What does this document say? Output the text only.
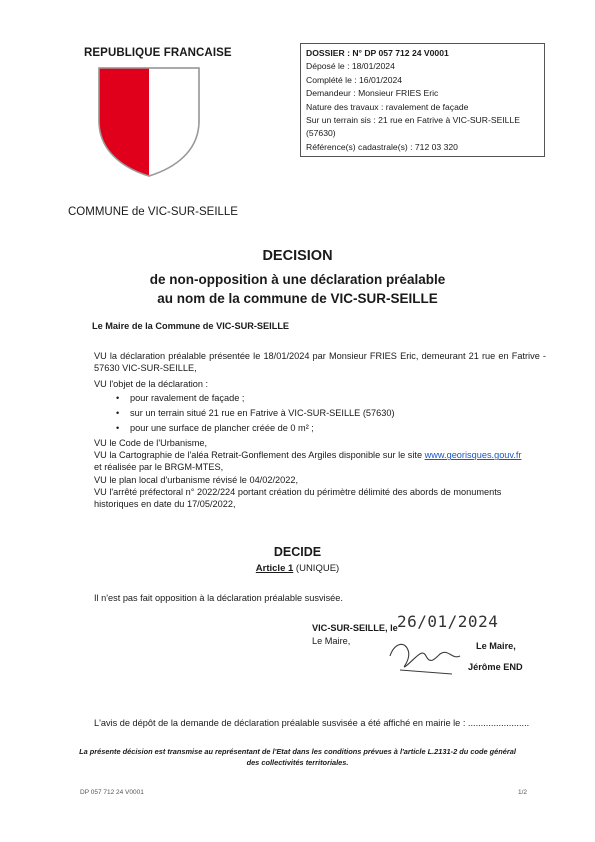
REPUBLIQUE FRANCAISE
COMMUNE de VIC-SUR-SEILLE
DOSSIER : N° DP 057 712 24 V0001
Déposé le : 18/01/2024
Complété le : 16/01/2024
Demandeur : Monsieur FRIES Eric
Nature des travaux : ravalement de façade
Sur un terrain sis : 21 rue en Fatrive à VIC-SUR-SEILLE
(57630)
Référence(s) cadastrale(s) : 712 03 320
DECISION
de non-opposition à une déclaration préalable
au nom de la commune de VIC-SUR-SEILLE
Le Maire de la Commune de VIC-SUR-SEILLE
VU la déclaration préalable présentée le 18/01/2024 par Monsieur FRIES Eric, demeurant 21 rue en Fatrive - 57630 VIC-SUR-SEILLE,
VU l'objet de la déclaration :
• pour ravalement de façade ;
• sur un terrain situé 21 rue en Fatrive à VIC-SUR-SEILLE (57630)
• pour une surface de plancher créée de 0 m² ;
VU le Code de l'Urbanisme,
VU la Cartographie de l'aléa Retrait-Gonflement des Argiles disponible sur le site www.georisques.gouv.fr
et réalisée par le BRGM-MTES,
VU le plan local d'urbanisme révisé le 04/02/2022,
VU l'arrêté préfectoral n° 2022/224 portant création du périmètre délimité des abords de monuments historiques en date du 17/05/2022,
DECIDE
Article 1 (UNIQUE)
Il n'est pas fait opposition à la déclaration préalable susvisée.
VIC-SUR-SEILLE, le 26/01/2024
Le Maire,	Le Maire,
Jérôme END
L'avis de dépôt de la demande de déclaration préalable susvisée a été affiché en mairie le : ........................
La présente décision est transmise au représentant de l'Etat dans les conditions prévues à l'article L.2131-2 du code général
des collectivités territoriales.
DP 057 712 24 V0001	1/2
